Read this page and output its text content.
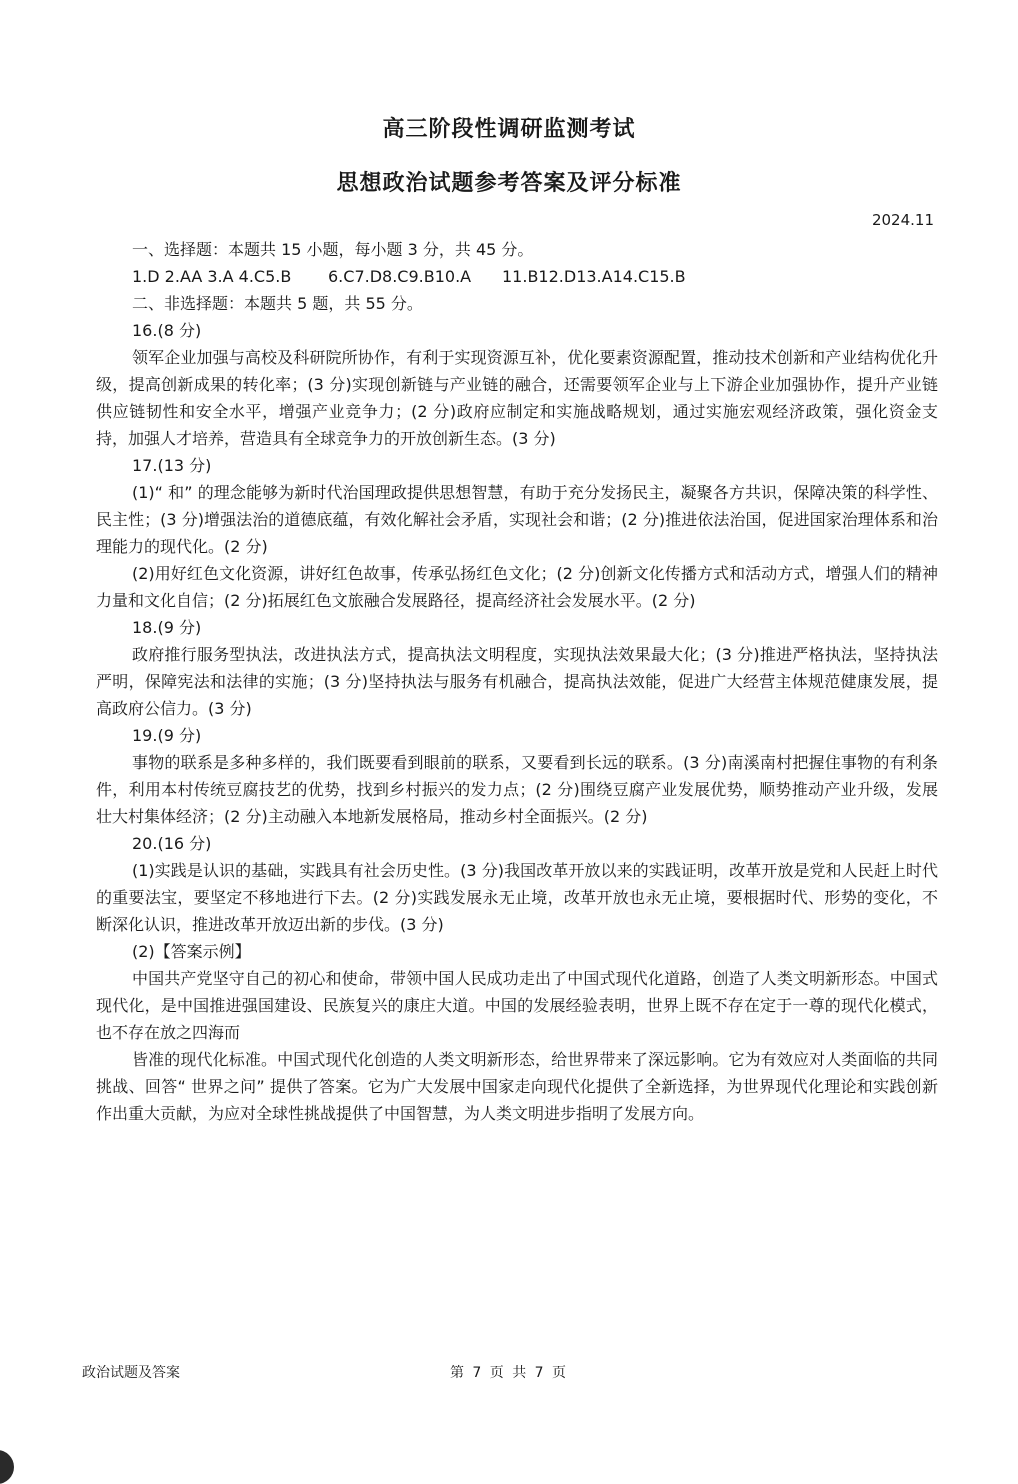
高三阶段性调研监测考试
思想政治试题参考答案及评分标准
2024.11

一、选择题：本题共 15 小题，每小题 3 分，共 45 分。

1.D 2.AA 3.A 4.C5.B 6.C7.D8.C9.B10.A 11.B12.D13.A14.C15.B

二、非选择题：本题共 5 题，共 55 分。

16.(8 分)

领军企业加强与高校及科研院所协作，有利于实现资源互补，优化要素资源配置，推动技术创新和产业结构优化升级，提高创新成果的转化率；(3 分)实现创新链与产业链的融合，还需要领军企业与上下游企业加强协作，提升产业链供应链韧性和安全水平，增强产业竞争力；(2 分)政府应制定和实施战略规划，通过实施宏观经济政策，强化资金支持，加强人才培养，营造具有全球竞争力的开放创新生态。(3 分)

17.(13 分)

(1)“ 和” 的理念能够为新时代治国理政提供思想智慧，有助于充分发扬民主，凝聚各方共识，保障决策的科学性、民主性；(3 分)增强法治的道德底蕴，有效化解社会矛盾，实现社会和谐；(2 分)推进依法治国，促进国家治理体系和治理能力的现代化。(2 分)

(2)用好红色文化资源，讲好红色故事，传承弘扬红色文化；(2 分)创新文化传播方式和活动方式，增强人们的精神力量和文化自信；(2 分)拓展红色文旅融合发展路径，提高经济社会发展水平。(2 分)

18.(9 分)

政府推行服务型执法，改进执法方式，提高执法文明程度，实现执法效果最大化；(3 分)推进严格执法，坚持执法严明，保障宪法和法律的实施；(3 分)坚持执法与服务有机融合，提高执法效能，促进广大经营主体规范健康发展，提高政府公信力。(3 分)

19.(9 分)

事物的联系是多种多样的，我们既要看到眼前的联系，又要看到长远的联系。(3 分)南溪南村把握住事物的有利条件，利用本村传统豆腐技艺的优势，找到乡村振兴的发力点；(2 分)围绕豆腐产业发展优势，顺势推动产业升级，发展壮大村集体经济；(2 分)主动融入本地新发展格局，推动乡村全面振兴。(2 分)

20.(16 分)

(1)实践是认识的基础，实践具有社会历史性。(3 分)我国改革开放以来的实践证明，改革开放是党和人民赶上时代的重要法宝，要坚定不移地进行下去。(2 分)实践发展永无止境，改革开放也永无止境，要根据时代、形势的变化，不断深化认识，推进改革开放迈出新的步伐。(3 分)

(2)【答案示例】

中国共产党坚守自己的初心和使命，带领中国人民成功走出了中国式现代化道路，创造了人类文明新形态。中国式现代化，是中国推进强国建设、民族复兴的康庄大道。中国的发展经验表明，世界上既不存在定于一尊的现代化模式，也不存在放之四海而

皆准的现代化标准。中国式现代化创造的人类文明新形态，给世界带来了深远影响。它为有效应对人类面临的共同挑战、回答“ 世界之问” 提供了答案。它为广大发展中国家走向现代化提供了全新选择，为世界现代化理论和实践创新作出重大贡献，为应对全球性挑战提供了中国智慧，为人类文明进步指明了发展方向。

政治试题及答案	第 7 页 共 7 页
